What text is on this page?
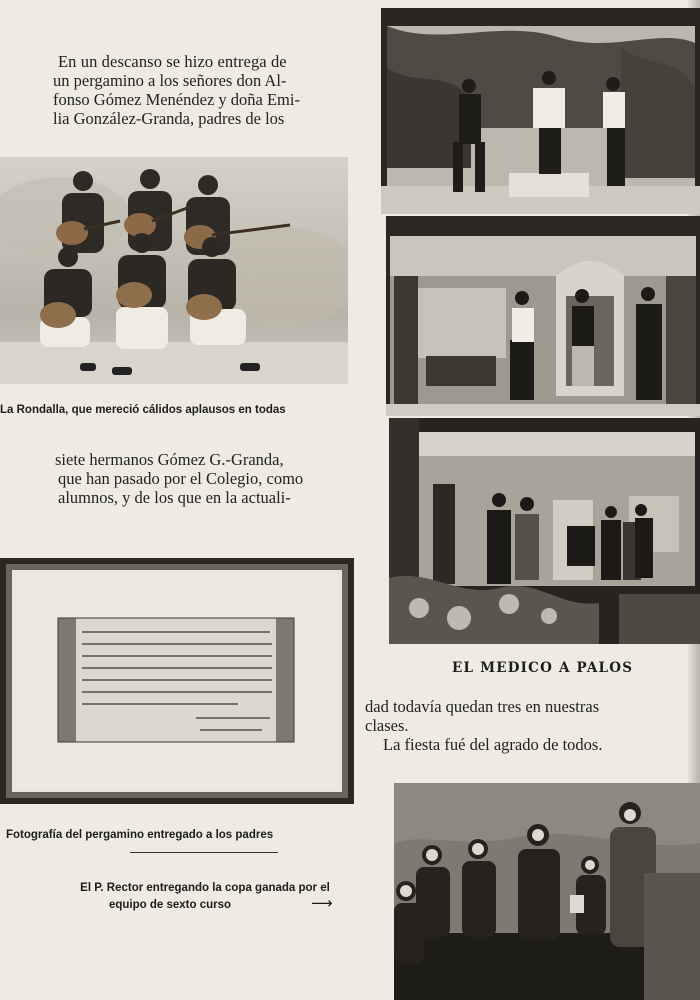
En un descanso se hizo entrega de
un pergamino a los señores don Al-
fonso Gómez Menéndez y doña Emi-
lia González-Granda, padres de los
La Rondalla, que mereció cálidos aplausos en todas
siete hermanos Gómez G.-Granda,
que han pasado por el Colegio, como
alumnos, y de los que en la actuali-
Fotografía del pergamino entregado a los padres
El P. Rector entregando la copa ganada por el
equipo de sexto curso	⟶
EL MEDICO A PALOS
dad todavía quedan tres en nuestras
clases.
La fiesta fué del agrado de todos.
